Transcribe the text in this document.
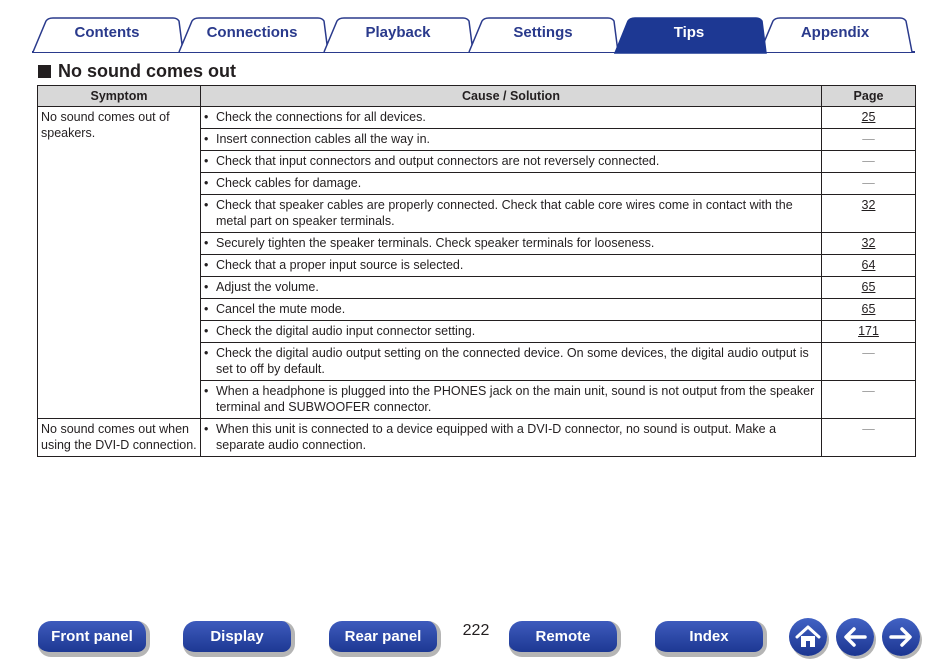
Contents	Connections	Playback	Settings	Tips	Appendix
No sound comes out
Symptom	Cause / Solution	Page
No sound comes out of speakers.	• Check the connections for all devices.	25

	• Insert connection cables all the way in.	—

	• Check that input connectors and output connectors are not reversely connected.	—

	• Check cables for damage.	—

	• Check that speaker cables are properly connected. Check that cable core wires come in contact with the metal part on speaker terminals.	32

	• Securely tighten the speaker terminals. Check speaker terminals for looseness.	32

	• Check that a proper input source is selected.	64

	• Adjust the volume.	65

	• Cancel the mute mode.	65

	• Check the digital audio input connector setting.	171

	• Check the digital audio output setting on the connected device. On some devices, the digital audio output is set to off by default.	—

	• When a headphone is plugged into the PHONES jack on the main unit, sound is not output from the speaker terminal and SUBWOOFER connector.	—
No sound comes out when using the DVI-D connection.	• When this unit is connected to a device equipped with a DVI-D connector, no sound is output. Make a separate audio connection.	—
Front panel	Display	Rear panel	222	Remote	Index
